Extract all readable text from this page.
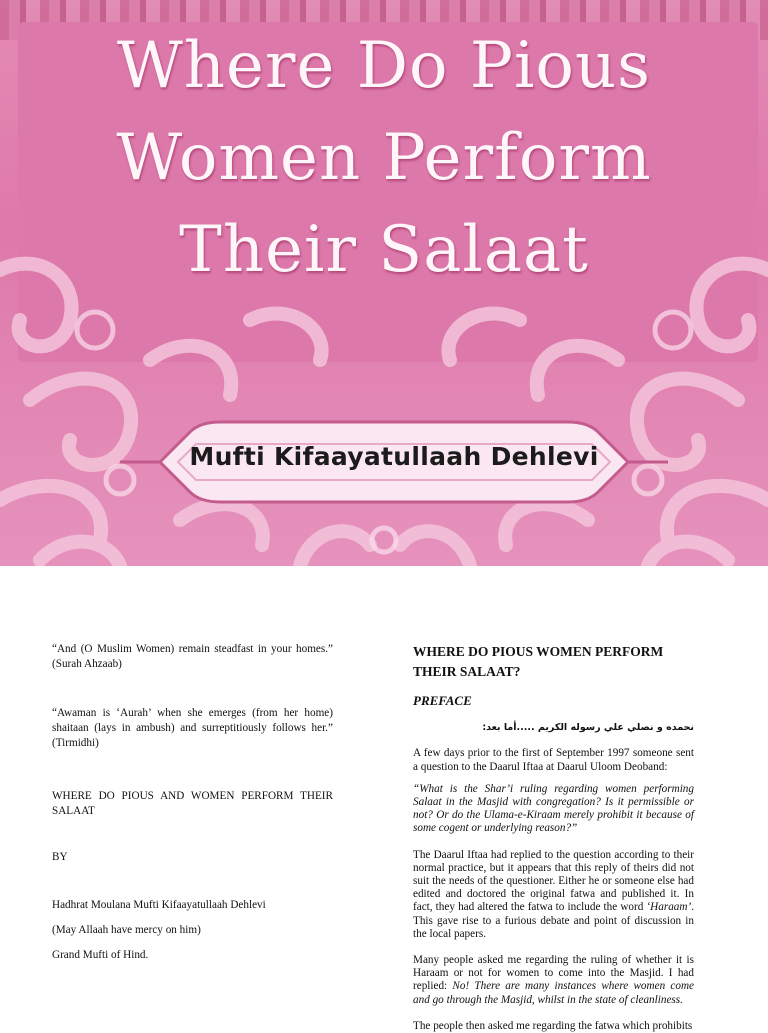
Where Do Pious
Women Perform
Their Salaat
Mufti Kifaayatullaah Dehlevi

“And (O Muslim Women) remain steadfast in your homes.” (Surah Ahzaab)

“Awaman is ‘Aurah’ when she emerges (from her home) shaitaan (lays in ambush) and surreptitiously follows her.” (Tirmidhi)

WHERE DO PIOUS AND WOMEN PERFORM THEIR SALAAT

BY

Hadhrat Moulana Mufti Kifaayatullaah Dehlevi

(May Allaah have mercy on him)

Grand Mufti of Hind.

WHERE DO PIOUS WOMEN PERFORM THEIR SALAAT?

PREFACE

نحمده و نصلي علي رسوله الكريم .....أما بعد:

A few days prior to the first of September 1997 someone sent a question to the Daarul Iftaa at Daarul Uloom Deoband:

“What is the Shar’i ruling regarding women performing Salaat in the Masjid with congregation? Is it permissible or not? Or do the Ulama-e-Kiraam merely prohibit it because of some cogent or underlying reason?”

The Daarul Iftaa had replied to the question according to their normal practice, but it appears that this reply of theirs did not suit the needs of the questioner. Either he or someone else had edited and doctored the original fatwa and published it. In fact, they had altered the fatwa to include the word ‘Haraam’. This gave rise to a furious debate and point of discussion in the local papers.

Many people asked me regarding the ruling of whether it is Haraam or not for women to come into the Masjid. I had replied: No! There are many instances where women come and go through the Masjid, whilst in the state of cleanliness.

The people then asked me regarding the fatwa which prohibits
